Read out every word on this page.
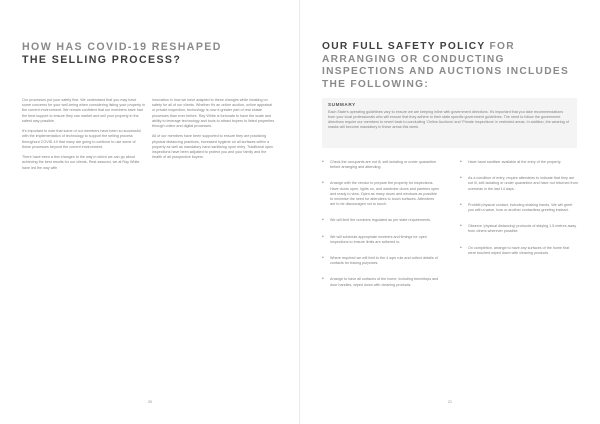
HOW HAS COVID-19 RESHAPED
THE SELLING PROCESS?

Our processes put your safety first. We understand that you may have some concerns for your well-being when considering listing your property in the current environment. We remain confident that our members have had the best support to ensure they can market and sell your property in the safest way possible.

It's important to note that some of our members have been so successful with the implementation of technology to support the selling process throughout COVID-19 that many are going to continue to use some of these processes beyond the current environment.

There have been a few changes to the way in which we can go about achieving the best results for our clients. Rest assured, we at Ray White have led the way with

innovation in how we have adapted to these changes while insisting on safety for all of our clients. Whether it's an online auction, online appraisal or private inspection, technology is now a greater part of real estate processes than ever before. Ray White is fortunate to have the scale and ability to leverage technology and tools to attract buyers to listed properties through online and digital processes.

All of our members have been supported to ensure they are practicing physical distancing practices, increased hygiene on all surfaces within a property as well as mandatory hand sanitising upon entry. Traditional open inspections have been adjusted to protect you and your family and the health of all prospective buyers.

20
OUR FULL SAFETY POLICY FOR ARRANGING OR CONDUCTING INSPECTIONS AND AUCTIONS INCLUDES THE FOLLOWING:
SUMMARY
Each State's operating guidelines vary to ensure we are keeping inline with government directions. It's important that you take recommendations from your local professionals who will ensure that they adhere to their state specific government guidelines. The need to follow the government directions require our members to revert back to conducting 'Online Auctions' and 'Private Inspections' in restricted areas. In addition, the wearing of masks will become mandatory in these areas this week.
• Check the occupants are not ill, self-isolating or under quarantine before arranging and attending.
• Arrange with the vendor to prepare the property for inspections. Have doors open, lights on, and wardrobe doors and pantries open and ready to view. Open as many doors and windows as possible to minimise the need for attendees to touch surfaces. Attendees are to be discouraged not to touch.
• We will limit the numbers regulated as per state requirements.
• We will schedule appropriate numbers and timings for open inspections to ensure limits are adhered to.
• Where required we will limit to the 4 sqm rule and collect details of contacts for tracing purposes.
• Arrange to have all surfaces of the home, including benchtops and door handles, wiped down with cleaning products.
• Have hand sanitiser available at the entry of the property.
• As a condition of entry, require attendees to indicate that they are not ill, self-isolating or under quarantine and have not returned from overseas in the last 14 days.
• Prohibit physical contact, including shaking hands. We will greet you with a wave, bow or another contactless greeting instead.
• Observe 'physical distancing' protocols of staying 1.5 metres away from others wherever possible.
• On completion, arrange to have any surfaces of the home that were touched wiped down with cleaning products.
21
